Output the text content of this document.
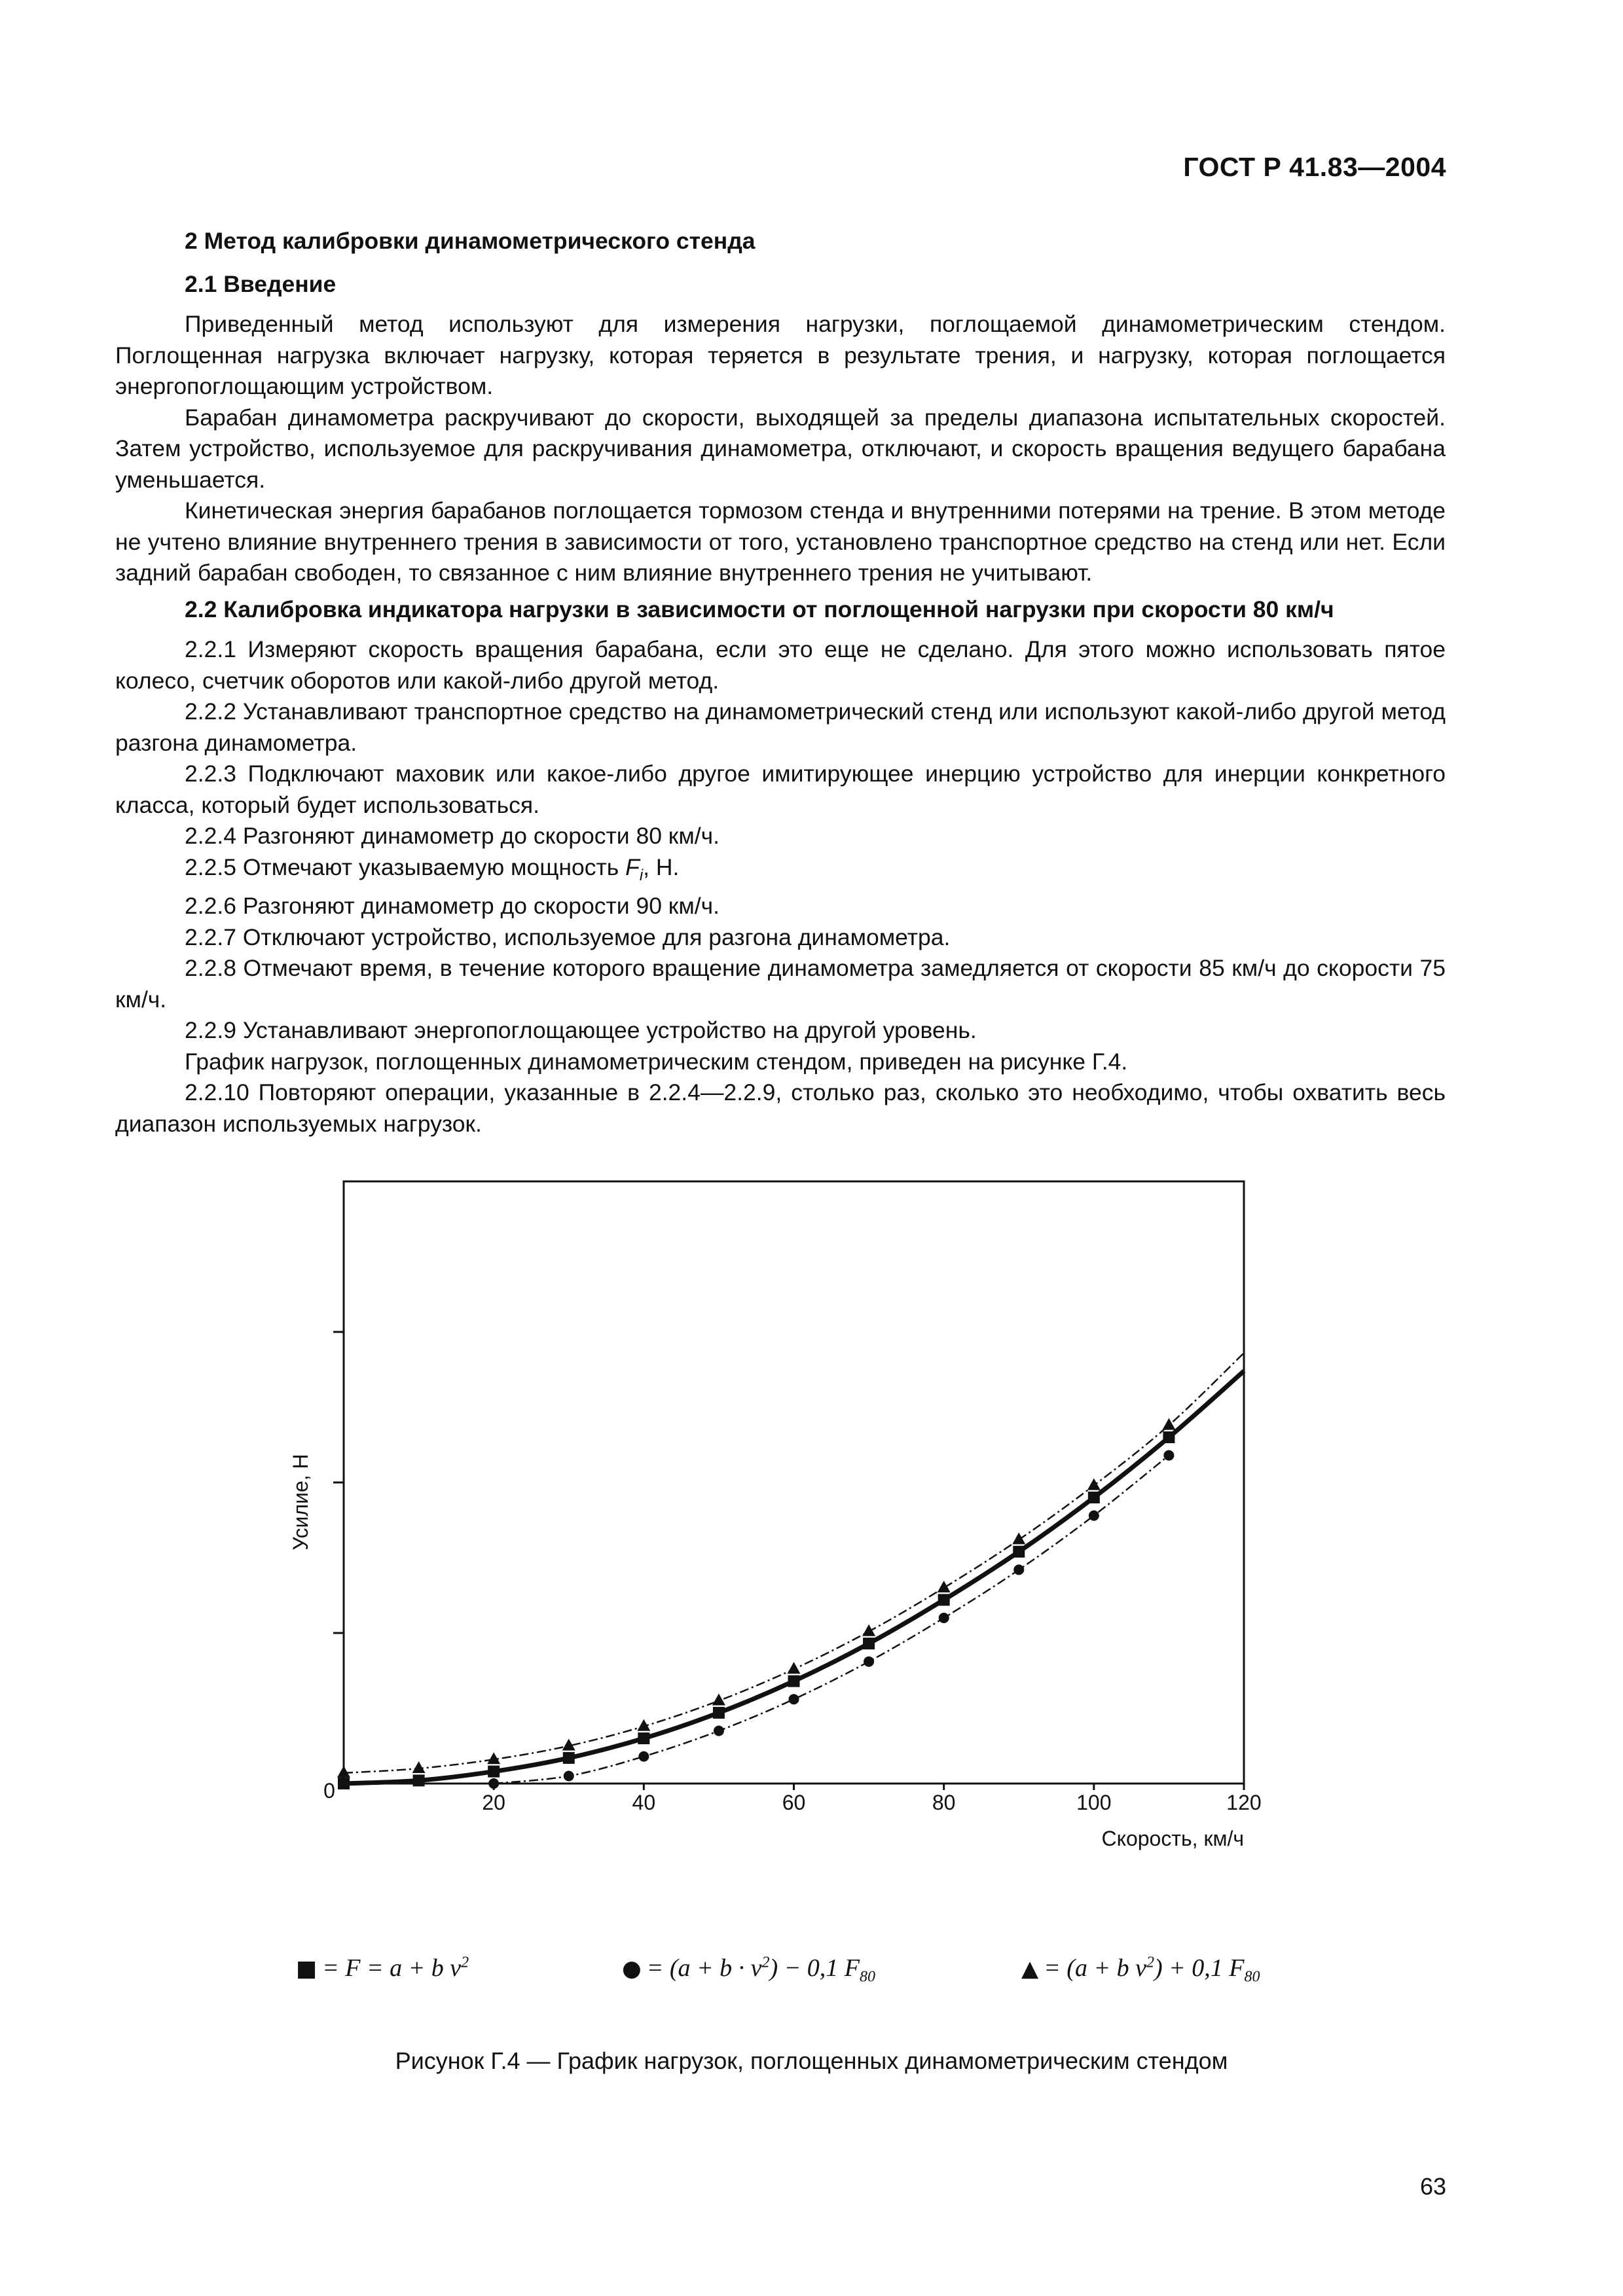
ГОСТ Р 41.83—2004

2 Метод калибровки динамометрического стенда

2.1 Введение

Приведенный метод используют для измерения нагрузки, поглощаемой динамометрическим стендом. Поглощенная нагрузка включает нагрузку, которая теряется в результате трения, и нагрузку, которая поглощается энергопоглощающим устройством.

Барабан динамометра раскручивают до скорости, выходящей за пределы диапазона испытательных скоростей. Затем устройство, используемое для раскручивания динамометра, отключают, и скорость вращения ведущего барабана уменьшается.

Кинетическая энергия барабанов поглощается тормозом стенда и внутренними потерями на трение. В этом методе не учтено влияние внутреннего трения в зависимости от того, установлено транспортное средство на стенд или нет. Если задний барабан свободен, то связанное с ним влияние внутреннего трения не учитывают.

2.2 Калибровка индикатора нагрузки в зависимости от поглощенной нагрузки при скорости 80 км/ч

2.2.1 Измеряют скорость вращения барабана, если это еще не сделано. Для этого можно использовать пятое колесо, счетчик оборотов или какой-либо другой метод.

2.2.2 Устанавливают транспортное средство на динамометрический стенд или используют какой-либо другой метод разгона динамометра.

2.2.3 Подключают маховик или какое-либо другое имитирующее инерцию устройство для инерции конкретного класса, который будет использоваться.

2.2.4 Разгоняют динамометр до скорости 80 км/ч.

2.2.5 Отмечают указываемую мощность $F_i$, Н.

2.2.6 Разгоняют динамометр до скорости 90 км/ч.

2.2.7 Отключают устройство, используемое для разгона динамометра.

2.2.8 Отмечают время, в течение которого вращение динамометра замедляется от скорости 85 км/ч до скорости 75 км/ч.

2.2.9 Устанавливают энергопоглощающее устройство на другой уровень.

График нагрузок, поглощенных динамометрическим стендом, приведен на рисунке Г.4.

2.2.10 Повторяют операции, указанные в 2.2.4—2.2.9, столько раз, сколько это необходимо, чтобы охватить весь диапазон используемых нагрузок.

20	40	60	80	100	120
0
Скорость, км/ч
Усилие, Н
■ = F = a + b $v^2$	● = $(a + b \cdot v^2) - 0,1$ $F_{80}$	▲ = (a + b $v^2) + 0,1$ $F_{80}$
Рисунок Г.4 — График нагрузок, поглощенных динамометрическим стендом
63
